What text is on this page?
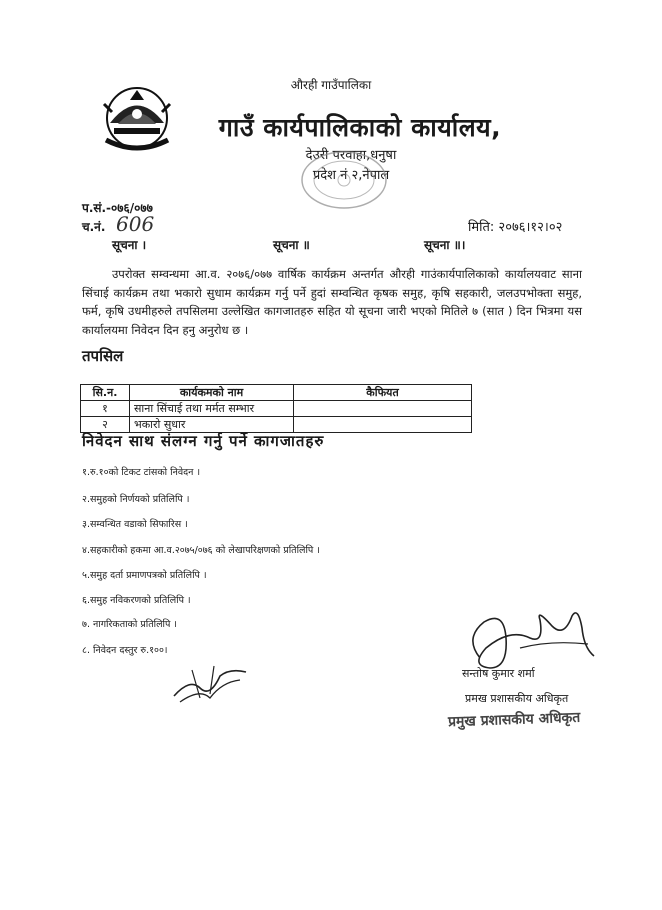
औरही गाउँपालिका
गाउँ कार्यपालिकाको कार्यालय,
देउरी परवाहा,धनुषा
प्रदेश नं २,नेपाल
प.सं.-०७६/०७७
च.नं. 606	मिति: २०७६।१२।०२
सूचना ।	सूचना ॥	सूचना ॥।
उपरोक्त सम्वन्धमा आ.व. २०७६/०७७ वार्षिक कार्यक्रम अन्तर्गत औरही गाउंकार्यपालिकाको कार्यालयवाट साना सिंचाई कार्यक्रम तथा भकारो सुधाम कार्यक्रम गर्नु पर्ने हुदां सम्वन्धित कृषक समुह, कृषि सहकारी, जलउपभोक्ता समुह, फर्म, कृषि उधमीहरुले तपसिलमा उल्लेखित कागजातहरु सहित यो सूचना जारी भएको मितिले ७ (सात ) दिन भित्रमा यस कार्यालयमा निवेदन दिन हनु अनुरोध छ ।
तपसिल
सि.न.	कार्यकमको नाम	कैफियत
१	साना सिंचाई तथा मर्मत सम्भार	
२	भकारो सुधार	
निवेदन साथ संलग्न गर्नु पर्ने कागजातहरु
१.रु.१०को टिकट टांसको निवेदन ।
२.समुहको निर्णयको प्रतिलिपि ।
३.सम्वन्धित वडाको सिफारिस ।
४.सहकारीको हकमा आ.व.२०७५/०७६ को लेखापरिक्षणको प्रतिलिपि ।
५.समुह दर्ता प्रमाणपत्रको प्रतिलिपि ।
६.समुह नविकरणको प्रतिलिपि ।
७. नागरिकताको प्रतिलिपि ।
८. निवेदन दस्तुर रु.१००।
सन्तोष कुमार शर्मा
प्रमख प्रशासकीय अधिकृत
प्रमुख प्रशासकीय अधिकृत
